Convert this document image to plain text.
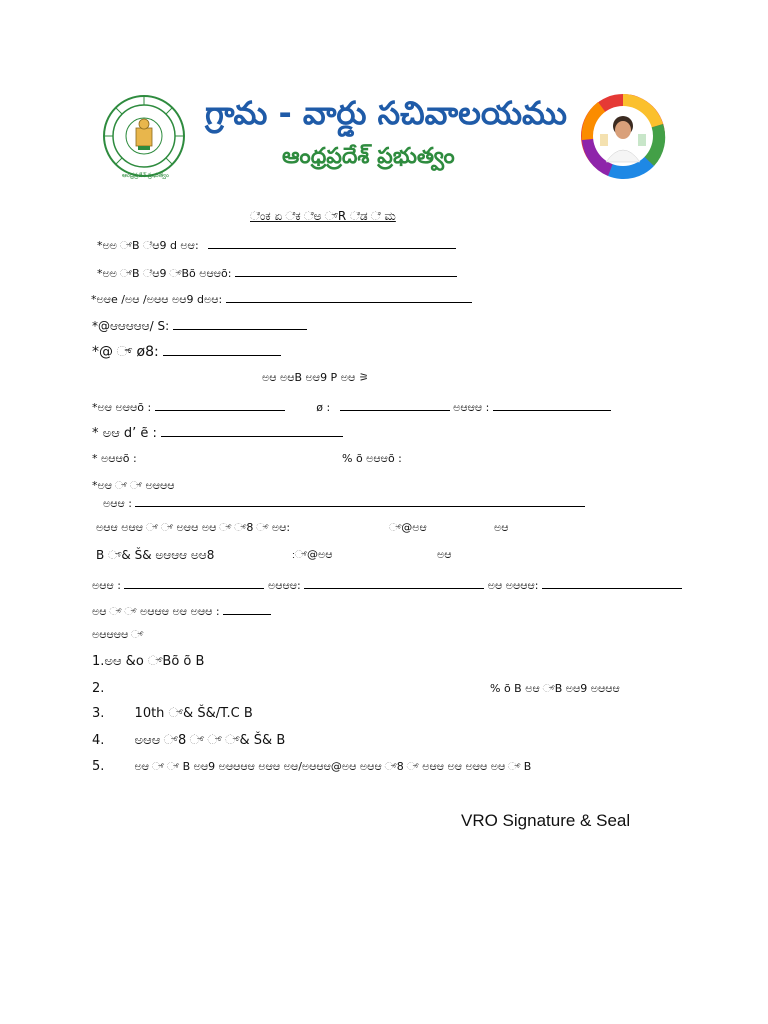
ఆంధ్రప్రదేశ్ ప్రభుత్వం
గ్రామ - వార్డు సచివాలయము
ఆంధ్రప్రదేశ్ ప్రభుత్వం
ೆಂಕ ಏ ೆಕ ೆಅ ್R ೆಡ ೆ ಮ
*ಅಅ ್B ೆಆ9 d ಅಆ:
*ಅಅ ್B ೆಆ9 ್Bõ ಅಆಆõ:
*ಅಆe /ಅಆ /ಅಆಆ ಅಆ9 dಅಆ:
*@ಆಆಆಆಆ/ S:
*@ ್ ø8:
ಅಆ ಅಆB ಅಆ9 P ಅಆ ⚞
*ಅಆ ಅಆಆõ :	ø :	ಅಆಆಆ :
* ಅಆ d’ ẽ :
* ಅಆಆõ :	% õ ಅಆಆõ :
*ಅಆ ್ ್ ಅಆಆಆ
ಅಆಆ :
ಅಆಆ ಅಆಆ ್ ್ ಅಆಆ ಅಆ ್ ್8 ್ ಅಆ:	್@ಅಆ	ಅಆ
B ್& Š& ಅಆಆಆ ಅಆ8	:್@ಅಆ	ಅಆ
ಅಆಆ :	ಅಆಆಆ:	ಅಆ ಅಆಆಆ:
ಅಆ ್ ್ ಅಆಆಆ ಅಆ ಅಆಆ :
ಅಆಆಆಆ ್
1.ಅಆ &o ್Bõ õ B
2.	% õ B ಅಆ ್B ಅಆ9 ಅಆಆಆ
3. 10th ್& Š&/T.C B
4. ಅಆಆ ್8 ್ ್ ್& Š& B
5.	ಅಆ ್ ್ B ಅಆ9 ಅಆಆಆಆ ಅಆಆ ಅಆ/ಅಆಆಆ@ಅಆ ಅಆಆ ್8 ್ ಅಆಆ ಅಆ ಅಆಆ ಅಆ ್ B
VRO Signature & Seal
